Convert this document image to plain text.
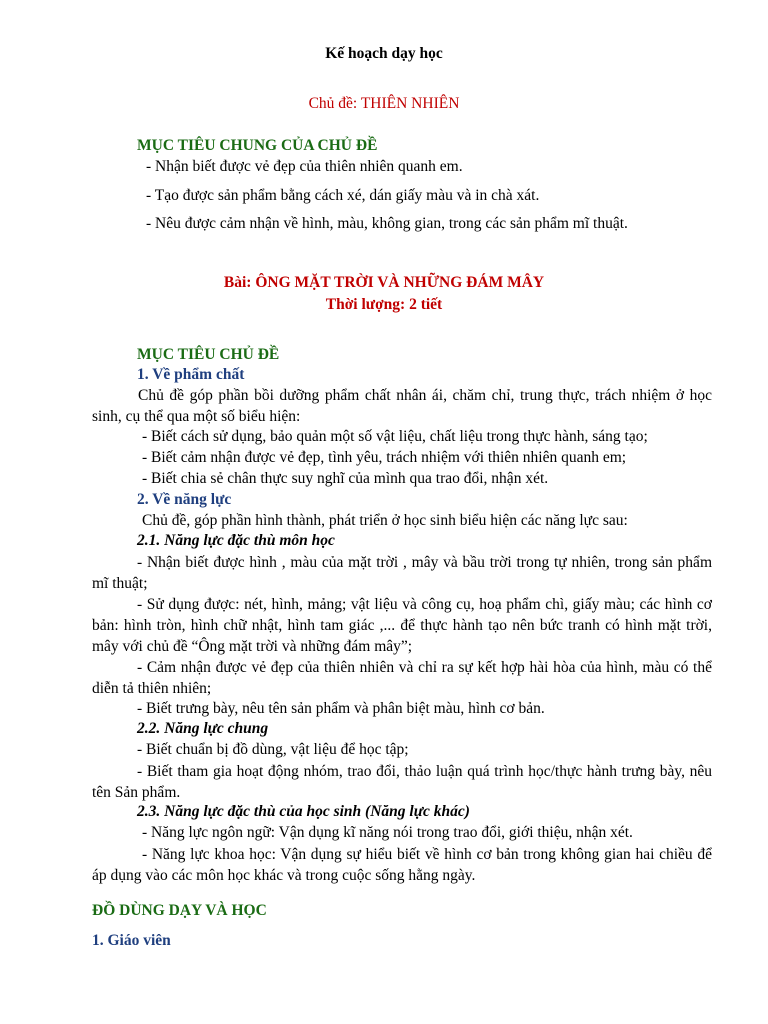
Kế hoạch dạy học
Chủ đề: THIÊN NHIÊN
MỤC TIÊU CHUNG CỦA CHỦ ĐỀ
- Nhận biết được vẻ đẹp của thiên nhiên quanh em.
- Tạo được sản phẩm bằng cách xé, dán giấy màu và in chà xát.
- Nêu được cảm nhận về hình, màu, không gian, trong các sản phẩm mĩ thuật.
Bài: ÔNG MẶT TRỜI VÀ NHỮNG ĐÁM MÂY
Thời lượng: 2 tiết
MỤC TIÊU CHỦ ĐỀ
1. Về phẩm chất
Chủ đề góp phần bồi dưỡng phẩm chất nhân ái, chăm chỉ, trung thực, trách nhiệm ở học sinh, cụ thể qua một số biểu hiện:
- Biết cách sử dụng, bảo quản một số vật liệu, chất liệu trong thực hành, sáng tạo;
- Biết cảm nhận được vẻ đẹp, tình yêu, trách nhiệm với thiên nhiên quanh em;
- Biết chia sẻ chân thực suy nghĩ của mình qua trao đổi, nhận xét.
2. Về năng lực
Chủ đề, góp phần hình thành, phát triển ở học sinh biểu hiện các năng lực sau:
2.1. Năng lực đặc thù môn học
- Nhận biết được hình , màu của mặt trời , mây và bầu trời trong tự nhiên, trong sản phẩm mĩ thuật;
- Sử dụng được: nét, hình, mảng; vật liệu và công cụ, hoạ phẩm chì, giấy màu; các hình cơ bản: hình tròn, hình chữ nhật, hình tam giác ,... để thực hành tạo nên bức tranh có hình mặt trời, mây với chủ đề “Ông mặt trời và những đám mây”;
- Cảm nhận được vẻ đẹp của thiên nhiên và chỉ ra sự kết hợp hài hòa của hình, màu có thể diễn tả thiên nhiên;
- Biết trưng bày, nêu tên sản phẩm và phân biệt màu, hình cơ bản.
2.2. Năng lực chung
- Biết chuẩn bị đồ dùng, vật liệu để học tập;
- Biết tham gia hoạt động nhóm, trao đổi, thảo luận quá trình học/thực hành trưng bày, nêu tên Sản phẩm.
2.3. Năng lực đặc thù của học sinh (Năng lực khác)
- Năng lực ngôn ngữ: Vận dụng kĩ năng nói trong trao đổi, giới thiệu, nhận xét.
- Năng lực khoa học: Vận dụng sự hiểu biết về hình cơ bản trong không gian hai chiều để áp dụng vào các môn học khác và trong cuộc sống hằng ngày.
ĐỒ DÙNG DẠY VÀ HỌC
1. Giáo viên
